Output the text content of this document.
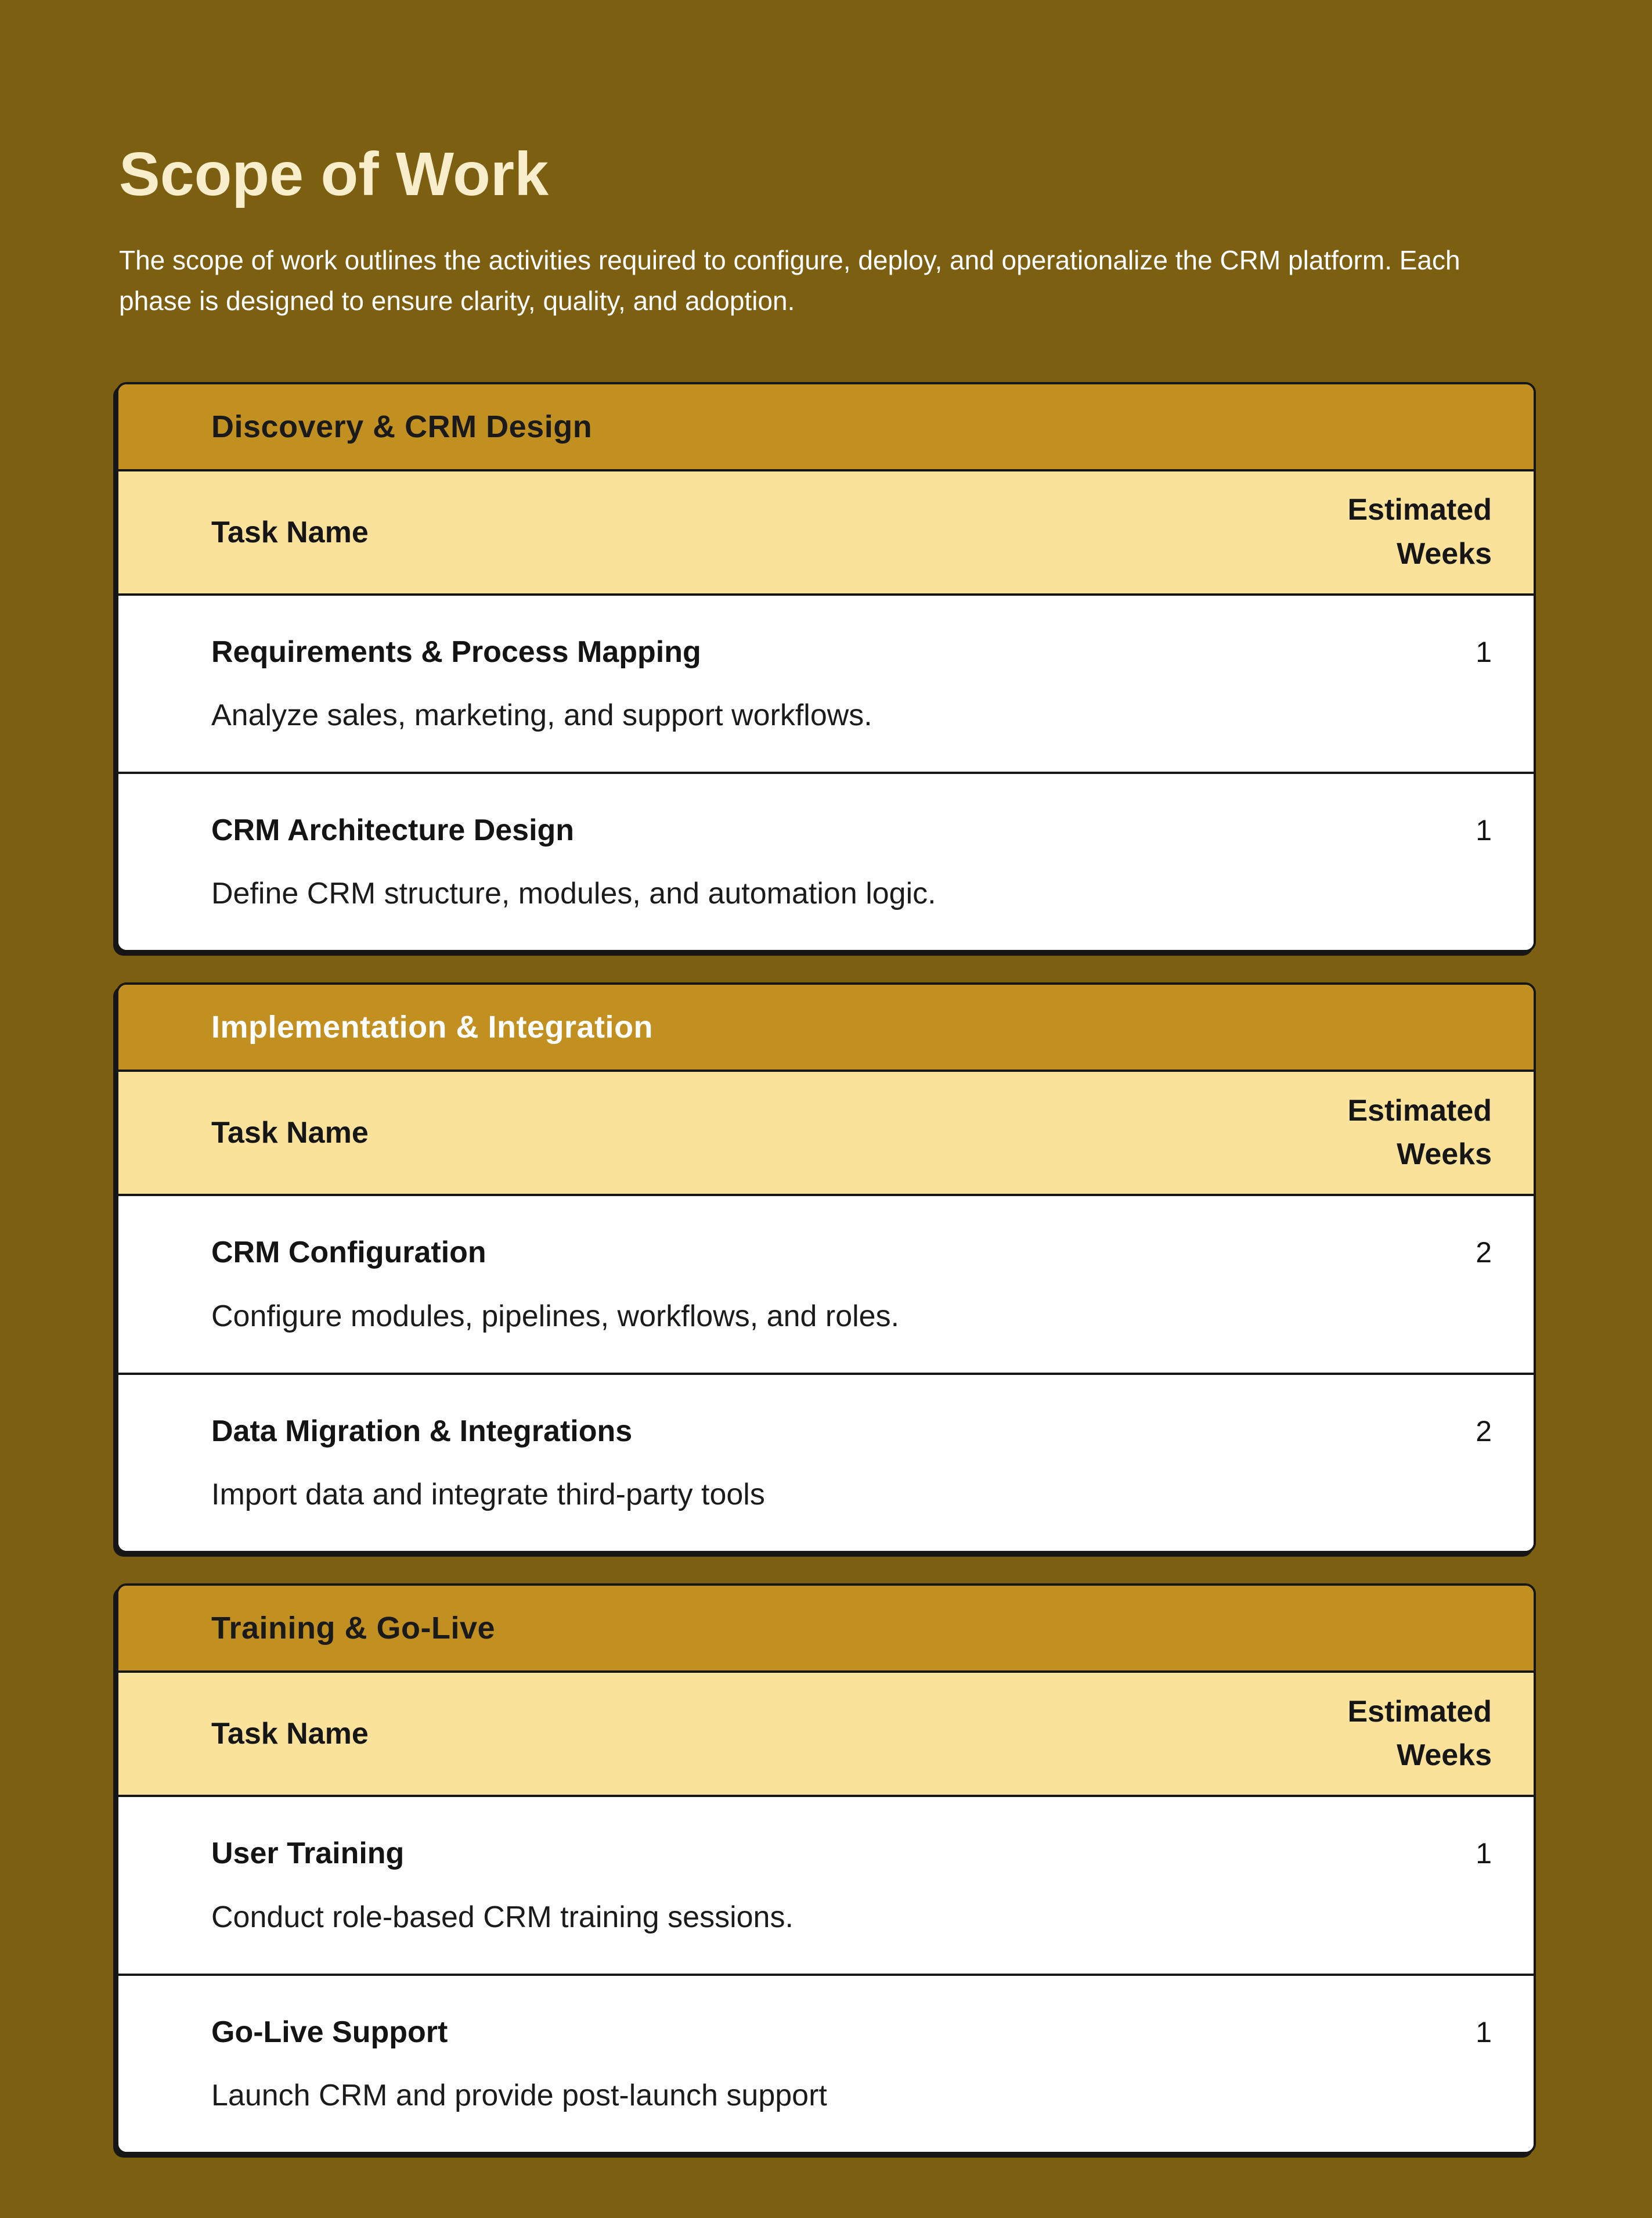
Scope of Work

The scope of work outlines the activities required to configure, deploy, and operationalize the CRM platform. Each phase is designed to ensure clarity, quality, and adoption.

Discovery & CRM Design
Task Name
Estimated Weeks
Requirements & Process Mapping	1
Analyze sales, marketing, and support workflows.
CRM Architecture Design	1
Define CRM structure, modules, and automation logic.
Implementation & Integration
Task Name
Estimated Weeks
CRM Configuration	2
Configure modules, pipelines, workflows, and roles.
Data Migration & Integrations	2
Import data and integrate third-party tools
Training & Go-Live
Task Name
Estimated Weeks
User Training	1
Conduct role-based CRM training sessions.
Go-Live Support	1
Launch CRM and provide post-launch support
